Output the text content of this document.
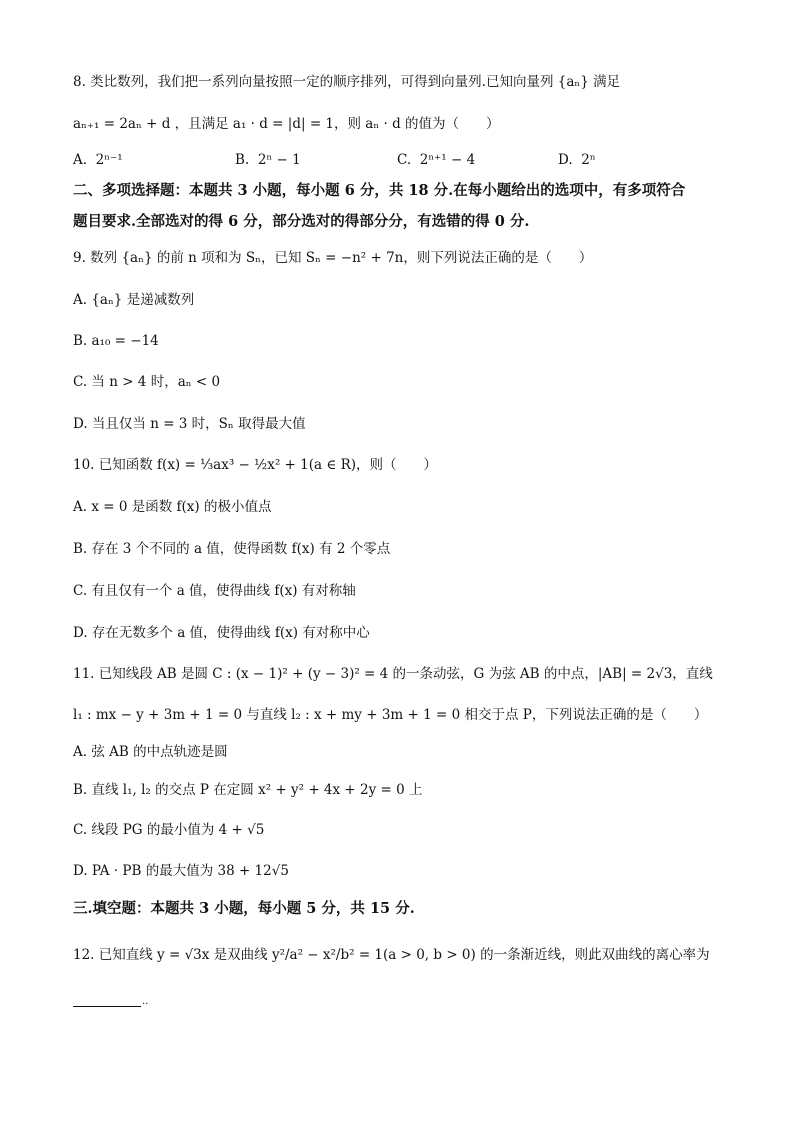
8. 类比数列，我们把一系列向量按照一定的顺序排列，可得到向量列.已知向量列 {aₙ} 满足
aₙ₊₁ = 2aₙ + d ，且满足 a₁ · d = |d| = 1，则 aₙ · d 的值为（　　）
A. 2ⁿ⁻¹	B. 2ⁿ − 1	C. 2ⁿ⁺¹ − 4	D. 2ⁿ
二、多项选择题：本题共 3 小题，每小题 6 分，共 18 分.在每小题给出的选项中，有多项符合
题目要求.全部选对的得 6 分，部分选对的得部分分，有选错的得 0 分.
9. 数列 {aₙ} 的前 n 项和为 Sₙ，已知 Sₙ = −n² + 7n，则下列说法正确的是（　　）
A. {aₙ} 是递减数列
B. a₁₀ = −14
C. 当 n > 4 时，aₙ < 0
D. 当且仅当 n = 3 时，Sₙ 取得最大值
10. 已知函数 f(x) = ⅓ax³ − ½x² + 1(a ∈ R)，则（　　）
A. x = 0 是函数 f(x) 的极小值点
B. 存在 3 个不同的 a 值，使得函数 f(x) 有 2 个零点
C. 有且仅有一个 a 值，使得曲线 f(x) 有对称轴
D. 存在无数多个 a 值，使得曲线 f(x) 有对称中心
11. 已知线段 AB 是圆 C : (x − 1)² + (y − 3)² = 4 的一条动弦，G 为弦 AB 的中点，|AB| = 2√3，直线
l₁ : mx − y + 3m + 1 = 0 与直线 l₂ : x + my + 3m + 1 = 0 相交于点 P，下列说法正确的是（　　）
A. 弦 AB 的中点轨迹是圆
B. 直线 l₁, l₂ 的交点 P 在定圆 x² + y² + 4x + 2y = 0 上
C. 线段 PG 的最小值为 4 + √5
D. PA · PB 的最大值为 38 + 12√5
三.填空题：本题共 3 小题，每小题 5 分，共 15 分.
12. 已知直线 y = √3x 是双曲线 y²/a² − x²/b² = 1(a > 0, b > 0) 的一条渐近线，则此双曲线的离心率为
..
